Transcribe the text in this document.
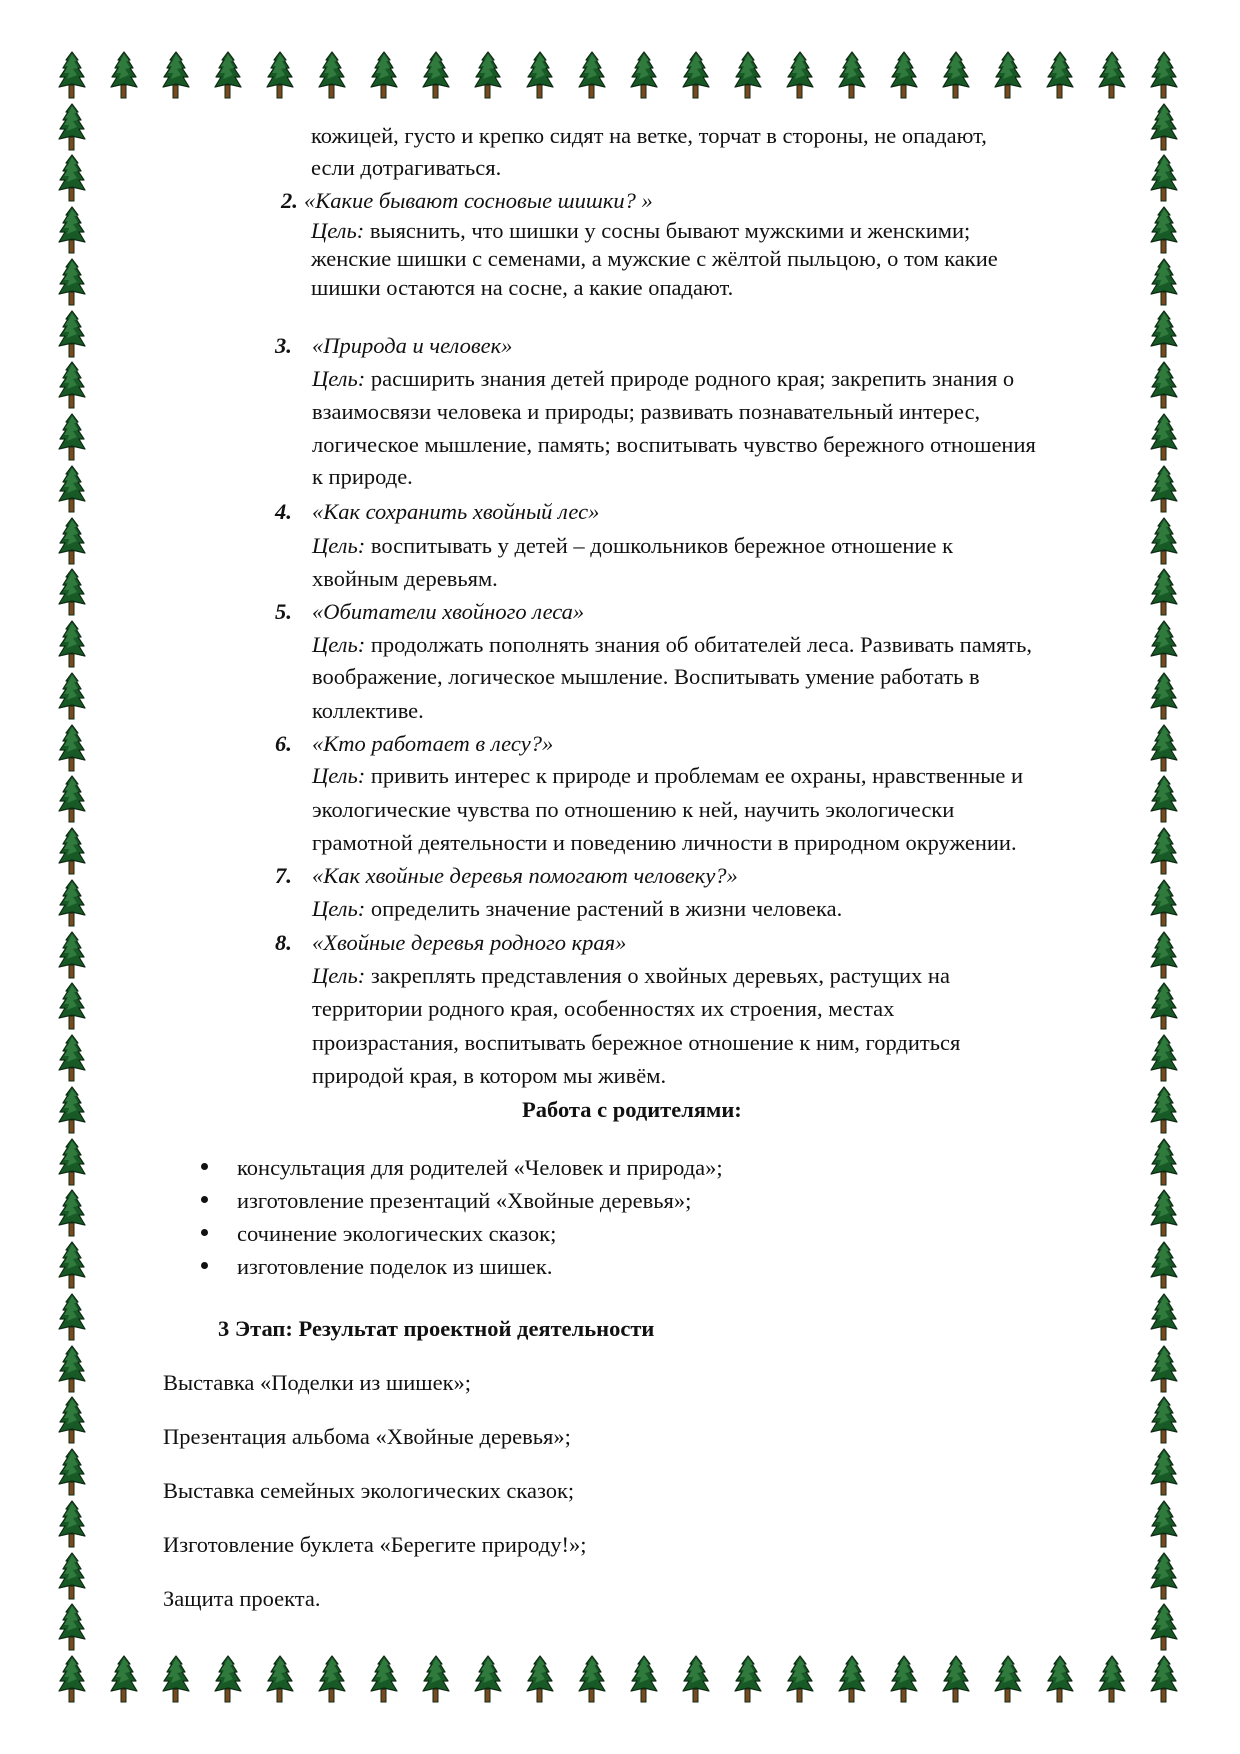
кожицей, густо и крепко сидят на ветке, торчат в стороны, не опадают,
если дотрагиваться.
2. «Какие бывают сосновые шишки? »
Цель: выяснить, что шишки у сосны бывают мужскими и женскими;
женские шишки с семенами, а мужские с жёлтой пыльцою, о том какие
шишки остаются на сосне, а какие опадают.
3. «Природа и человек»
Цель: расширить знания детей природе родного края; закрепить знания о
взаимосвязи человека и природы; развивать познавательный интерес,
логическое мышление, память; воспитывать чувство бережного отношения
к природе.
4. «Как сохранить хвойный лес»
Цель: воспитывать у детей – дошкольников бережное отношение к
хвойным деревьям.
5. «Обитатели хвойного леса»
Цель: продолжать пополнять знания об обитателей леса. Развивать память,
воображение, логическое мышление. Воспитывать умение работать в
коллективе.
6. «Кто работает в лесу?»
Цель: привить интерес к природе и проблемам ее охраны, нравственные и
экологические чувства по отношению к ней, научить экологически
грамотной деятельности и поведению личности в природном окружении.
7. «Как хвойные деревья помогают человеку?»
Цель: определить значение растений в жизни человека.
8. «Хвойные деревья родного края»
Цель: закреплять представления о хвойных деревьях, растущих на
территории родного края, особенностях их строения, местах
произрастания, воспитывать бережное отношение к ним, гордиться
природой края, в котором мы живём.
Работа с родителями:
консультация для родителей «Человек и природа»;
изготовление презентаций «Хвойные деревья»;
сочинение экологических сказок;
изготовление поделок из шишек.
3 Этап: Результат проектной деятельности
Выставка «Поделки из шишек»;
Презентация альбома «Хвойные деревья»;
Выставка семейных экологических сказок;
Изготовление буклета «Берегите природу!»;
Защита проекта.
